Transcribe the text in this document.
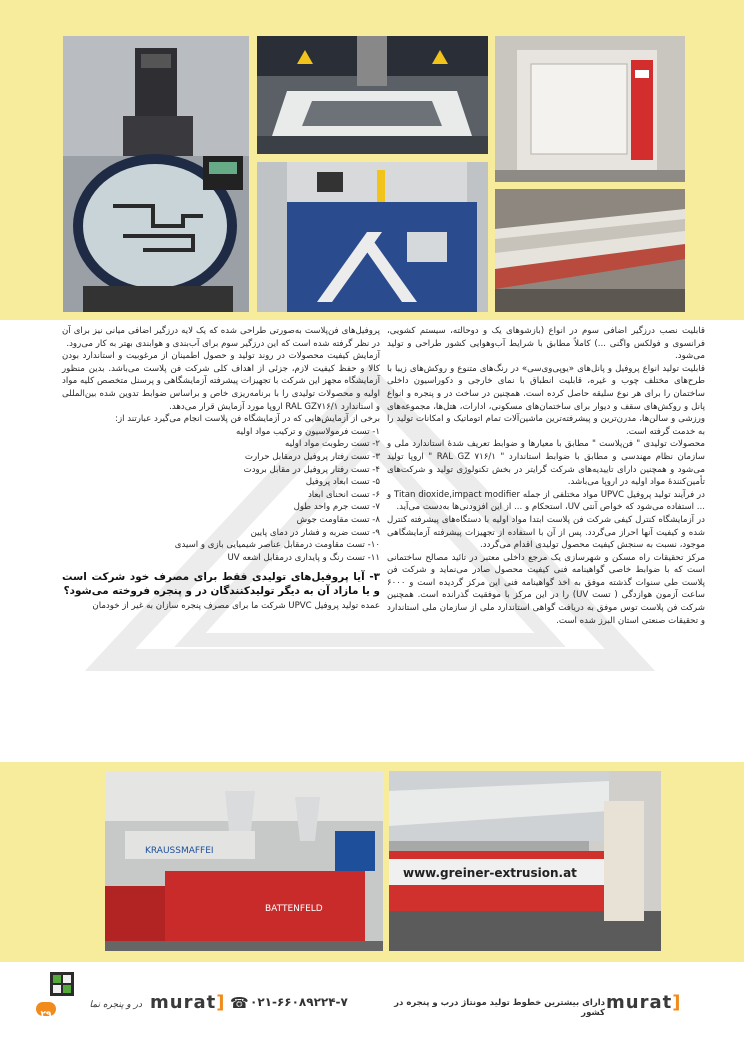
قابلیت نصب درزگیر اضافی سوم در انواع (بازشوهای یک و دوحالته، سیستم کشویی، فرانسوی و فولکس واگنی ...) کاملاً مطابق با شرایط آب‌وهوایی کشور طراحی و تولید می‌شود.

قابلیت تولید انواع پروفیل و پانل‌های «یوپی‌وی‌سی» در رنگ‌های متنوع و روکش‌های زیبا با طرح‌های مختلف چوب و غیره، قابلیت انطباق با نمای خارجی و دکوراسیون داخلی ساختمان را برای هر نوع سلیقه حاصل کرده است. همچنین در ساخت در و پنجره و انواع پانل و روکش‌های سقف و دیوار برای ساختمان‌های مسکونی، ادارات، هتل‌ها، مجموعه‌های ورزشی و سالن‌ها، مدرن‌ترین و پیشرفته‌ترین ماشین‌آلات تمام اتوماتیک و امکانات تولید را به خدمت گرفته است.

محصولات تولیدی " فن‌پلاست " مطابق با معیارها و ضوابط تعریف شدهٔ استاندارد ملی و سازمان نظام مهندسی و مطابق با ضوابط استاندارد " RAL GZ ۷۱۶/۱ " اروپا تولید می‌شود و همچنین دارای تاییدیه‌های شرکت گرایتر در بخش تکنولوژی تولید و شرکت‌های تأمین‌کنندهٔ مواد اولیه در اروپا می‌باشد.

در فرآیند تولید پروفیل UPVC مواد مختلفی از جمله Titan dioxide,impact modifier و ... استفاده می‌شود که خواص آنتی UV، استحکام و ... از این افزودنی‌ها به‌دست می‌آید.

در آزمایشگاه کنترل کیفی شرکت فن پلاست ابتدا مواد اولیه با دستگاه‌های پیشرفته کنترل شده و کیفیت آنها احراز می‌گردد. پس از آن با استفاده از تجهیزات پیشرفته آزمایشگاهی موجود، نسبت به سنجش کیفیت محصول تولیدی اقدام می‌گردد.

مرکز تحقیقات راه مسکن و شهرسازی یک مرجع داخلی معتبر در تائید مصالح ساختمانی است که با ضوابط خاصی گواهینامه فنی کیفیت محصول صادر می‌نماید و شرکت فن پلاست طی سنوات گذشته موفق به اخذ گواهینامه فنی این مرکز گردیده است و ۶۰۰۰ ساعت آزمون هوازدگی ( تست UV) را در این مرکز با موفقیت گذرانده است. همچنین شرکت فن پلاست توس موفق به دریافت گواهی استاندارد ملی از سازمان ملی استاندارد و تحقیقات صنعتی استان البرز شده است.

پروفیل‌های فن‌پلاست به‌صورتی طراحی شده که یک لایه درزگیر اضافی میانی نیز برای آن در نظر گرفته شده است که این درزگیر سوم برای آب‌بندی و هوابندی بهتر به کار می‌رود.

آزمایش کیفیت محصولات در روند تولید و حصول اطمینان از مرغوبیت و استاندارد بودن کالا و حفظ کیفیت لازم، جزئی از اهداف کلی شرکت فن پلاست می‌باشد. بدین منظور آزمایشگاه مجهز این شرکت با تجهیزات پیشرفته آزمایشگاهی و پرسنل متخصص کلیه مواد اولیه و محصولات تولیدی را با برنامه‌ریزی خاص و براساس ضوابط تدوین شده بین‌المللی و استاندارد RAL GZ۷۱۶/۱ اروپا مورد آزمایش قرار می‌دهد.

برخی از آزمایش‌هایی که در آزمایشگاه فن پلاست انجام می‌گیرد عبارتند از:

۱- تست فرمولاسیون و ترکیب مواد اولیه
۲- تست رطوبت مواد اولیه
۳- تست رفتار پروفیل درمقابل حرارت
۴- تست رفتار پروفیل در مقابل برودت
۵- تست ابعاد پروفیل
۶- تست انحنای ابعاد
۷- تست جرم واحد طول
۸- تست مقاومت جوش
۹- تست ضربه و فشار در دمای پایین
۱۰- تست مقاومت درمقابل عناصر شیمیایی بازی و اسیدی
۱۱- تست رنگ و پایداری درمقابل اشعه UV
۳- آیا پروفیل‌های تولیدی فقط برای مصرف خود شرکت است و یا مازاد آن به دیگر تولیدکنندگان در و پنجره فروخته می‌شود؟

عمده تولید پروفیل UPVC شرکت ما برای مصرف پنجره سازان به غیر از خودمان

KRAUSSMAFFEI
BATTENFELD
www.greiner-extrusion.at
در و پنجره نما
۲۹
murat] ☎ ۰۲۱-۶۶۰۸۹۲۲۴-۷	دارای بیشترین خطوط تولید مونتاژ درب و پنجره در کشور murat]
